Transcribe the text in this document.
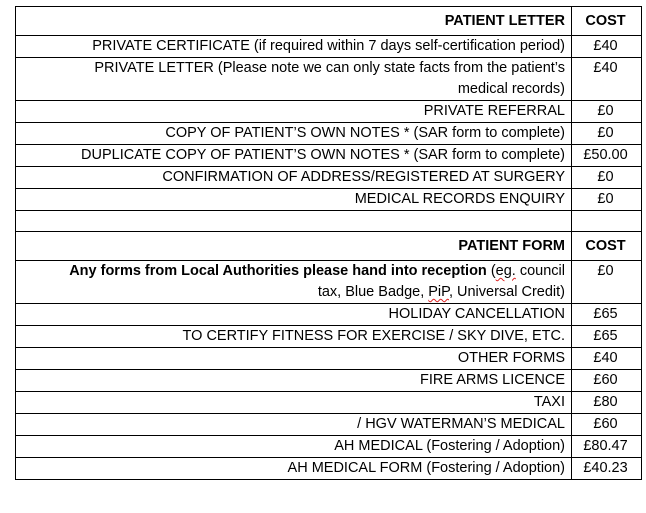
PATIENT LETTER	COST
PRIVATE CERTIFICATE (if required within 7 days self-certification period)	£40

PRIVATE LETTER (Please note we can only state facts from the patient’s
medical records)	£40
PRIVATE REFERRAL	£0
COPY OF PATIENT’S OWN NOTES * (SAR form to complete)	£0
DUPLICATE COPY OF PATIENT’S OWN NOTES * (SAR form to complete)	£50.00
CONFIRMATION OF ADDRESS/REGISTERED AT SURGERY	£0
MEDICAL RECORDS ENQUIRY	£0

PATIENT FORM	COST

Any forms from Local Authorities please hand into reception (eg. council
tax, Blue Badge, PiP, Universal Credit)	£0
HOLIDAY CANCELLATION	£65
TO CERTIFY FITNESS FOR EXERCISE / SKY DIVE, ETC.	£65
OTHER FORMS	£40
FIRE ARMS LICENCE	£60
TAXI	£80
/ HGV WATERMAN’S MEDICAL	£60
AH MEDICAL (Fostering / Adoption)	£80.47
AH MEDICAL FORM (Fostering / Adoption)	£40.23
